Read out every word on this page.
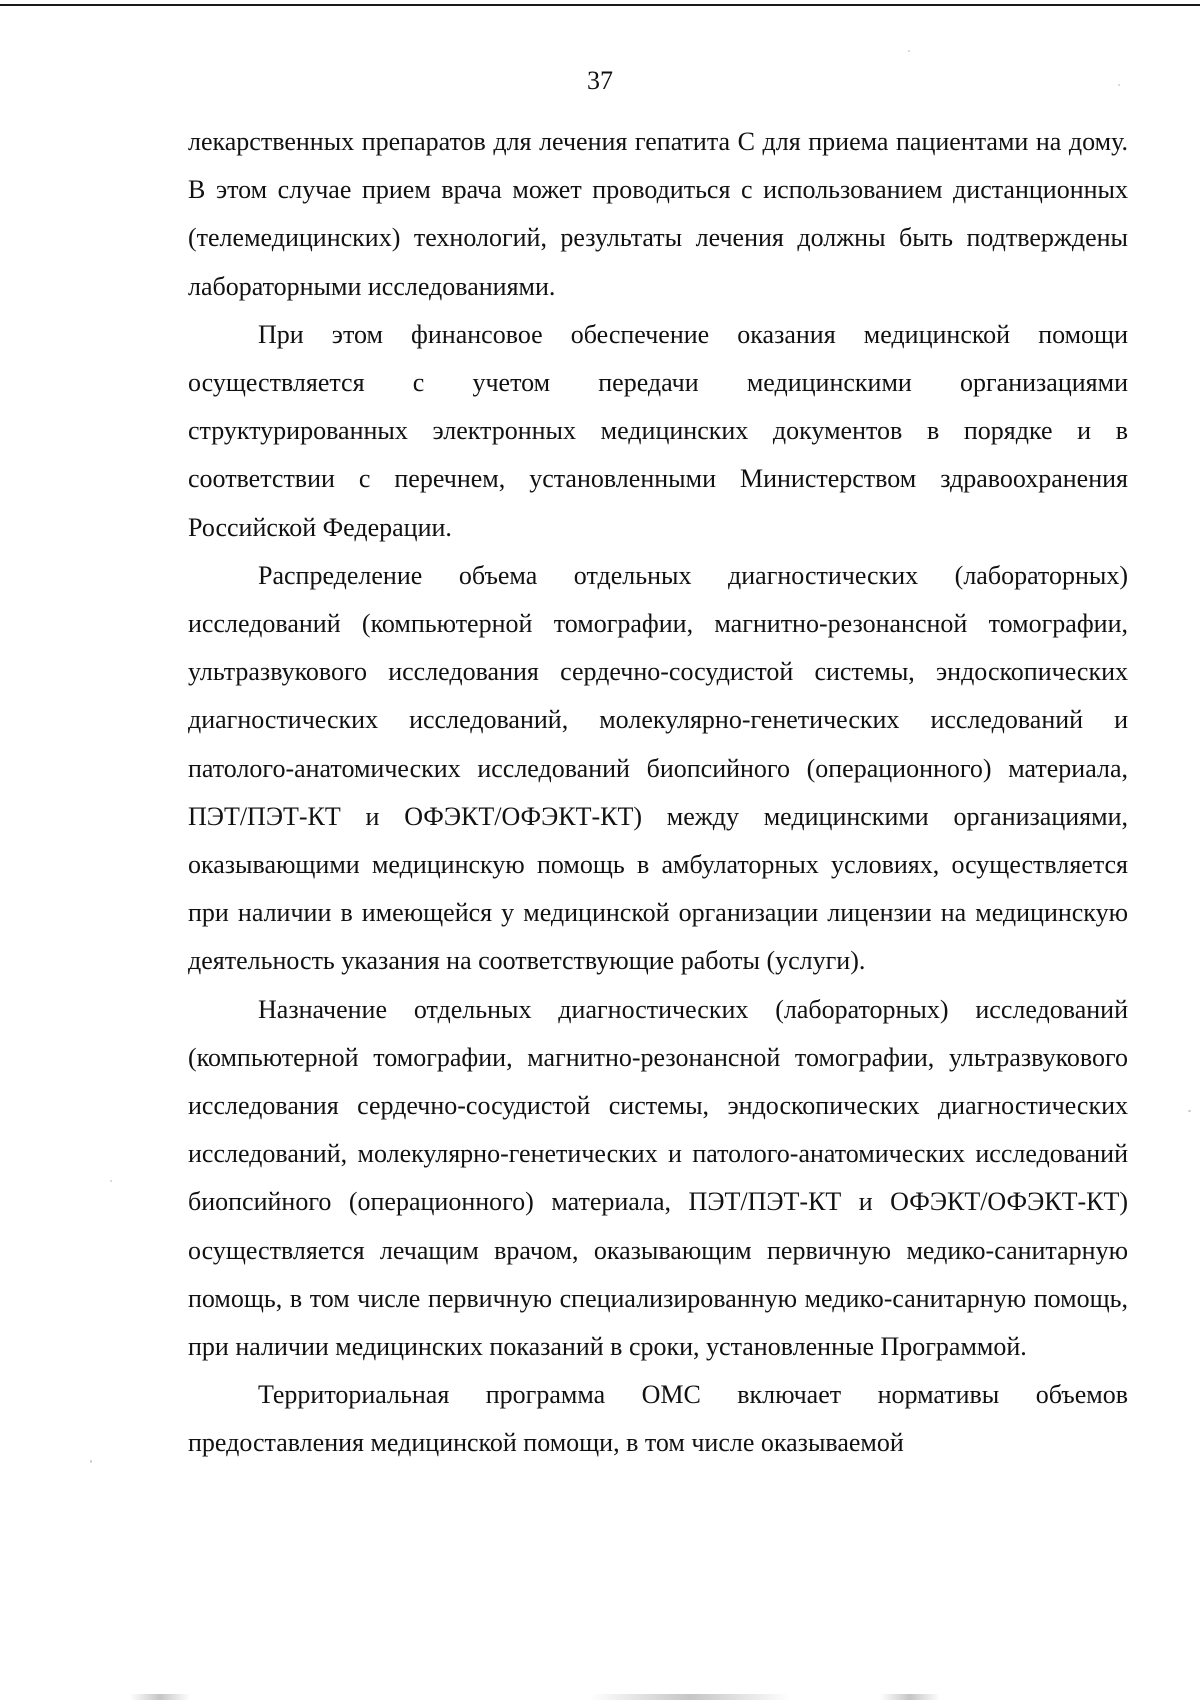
37

лекарственных препаратов для лечения гепатита С для приема пациентами на дому. В этом случае прием врача может проводиться с использованием дистанционных (телемедицинских) технологий, результаты лечения должны быть подтверждены лабораторными исследованиями.

При этом финансовое обеспечение оказания медицинской помощи осуществляется с учетом передачи медицинскими организациями структурированных электронных медицинских документов в порядке и в соответствии с перечнем, установленными Министерством здравоохранения Российской Федерации.

Распределение объема отдельных диагностических (лабораторных) исследований (компьютерной томографии, магнитно-резонансной томографии, ультразвукового исследования сердечно-сосудистой системы, эндоскопических диагностических исследований, молекулярно-генетических исследований и патолого-анатомических исследований биопсийного (операционного) материала, ПЭТ/ПЭТ-КТ и ОФЭКТ/ОФЭКТ-КТ) между медицинскими организациями, оказывающими медицинскую помощь в амбулаторных условиях, осуществляется при наличии в имеющейся у медицинской организации лицензии на медицинскую деятельность указания на соответствующие работы (услуги).

Назначение отдельных диагностических (лабораторных) исследований (компьютерной томографии, магнитно-резонансной томографии, ультразвукового исследования сердечно-сосудистой системы, эндоскопических диагностических исследований, молекулярно-генетических и патолого-анатомических исследований биопсийного (операционного) материала, ПЭТ/ПЭТ-КТ и ОФЭКТ/ОФЭКТ-КТ) осуществляется лечащим врачом, оказывающим первичную медико-санитарную помощь, в том числе первичную специализированную медико-санитарную помощь, при наличии медицинских показаний в сроки, установленные Программой.

Территориальная программа ОМС включает нормативы объемов предоставления медицинской помощи, в том числе оказываемой
